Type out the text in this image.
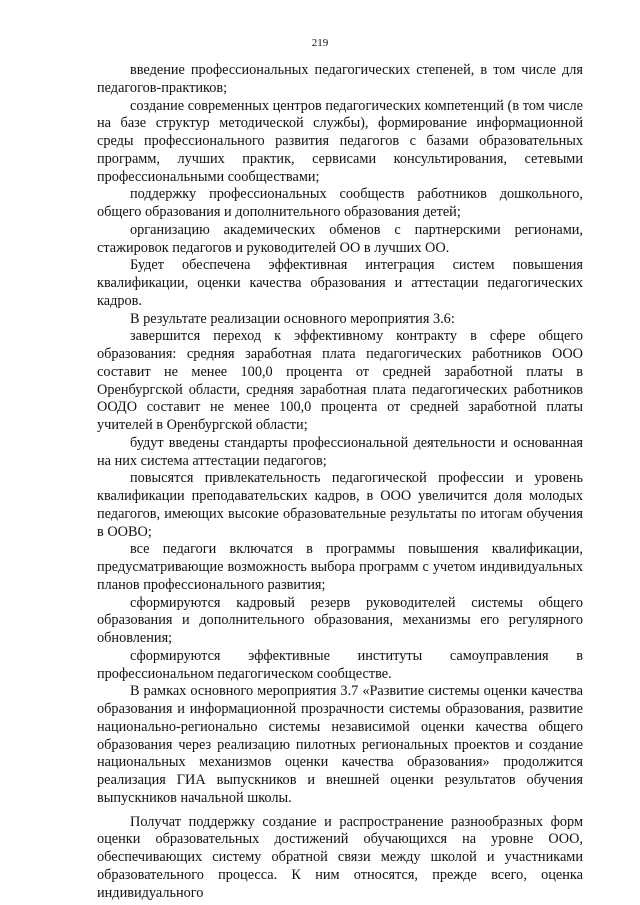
219

введение профессиональных педагогических степеней, в том числе для педагогов-практиков;

создание современных центров педагогических компетенций (в том числе на базе структур методической службы), формирование информационной среды профессионального развития педагогов с базами образовательных программ, лучших практик, сервисами консультирования, сетевыми профессиональными сообществами;

поддержку профессиональных сообществ работников дошкольного, общего образования и дополнительного образования детей;

организацию академических обменов с партнерскими регионами, стажировок педагогов и руководителей ОО в лучших ОО.

Будет обеспечена эффективная интеграция систем повышения квалификации, оценки качества образования и аттестации педагогических кадров.

В результате реализации основного мероприятия 3.6:

завершится переход к эффективному контракту в сфере общего образования: средняя заработная плата педагогических работников ООО составит не менее 100,0 процента от средней заработной платы в Оренбургской области, средняя заработная плата педагогических работников ООДО составит не менее 100,0 процента от средней заработной платы учителей в Оренбургской области;

будут введены стандарты профессиональной деятельности и основанная на них система аттестации педагогов;

повысятся привлекательность педагогической профессии и уровень квалификации преподавательских кадров, в ООО увеличится доля молодых педагогов, имеющих высокие образовательные результаты по итогам обучения в ООВО;

все педагоги включатся в программы повышения квалификации, предусматривающие возможность выбора программ с учетом индивидуальных планов профессионального развития;

сформируются кадровый резерв руководителей системы общего образования и дополнительного образования, механизмы его регулярного обновления;

сформируются эффективные институты самоуправления в профессиональном педагогическом сообществе.

В рамках основного мероприятия 3.7 «Развитие системы оценки качества образования и информационной прозрачности системы образования, развитие национально-регионально системы независимой оценки качества общего образования через реализацию пилотных региональных проектов и создание национальных механизмов оценки качества образования» продолжится реализация ГИА выпускников и внешней оценки результатов обучения выпускников начальной школы.

Получат поддержку создание и распространение разнообразных форм оценки образовательных достижений обучающихся на уровне ООО, обеспечивающих систему обратной связи между школой и участниками образовательного процесса. К ним относятся, прежде всего, оценка индивидуального
